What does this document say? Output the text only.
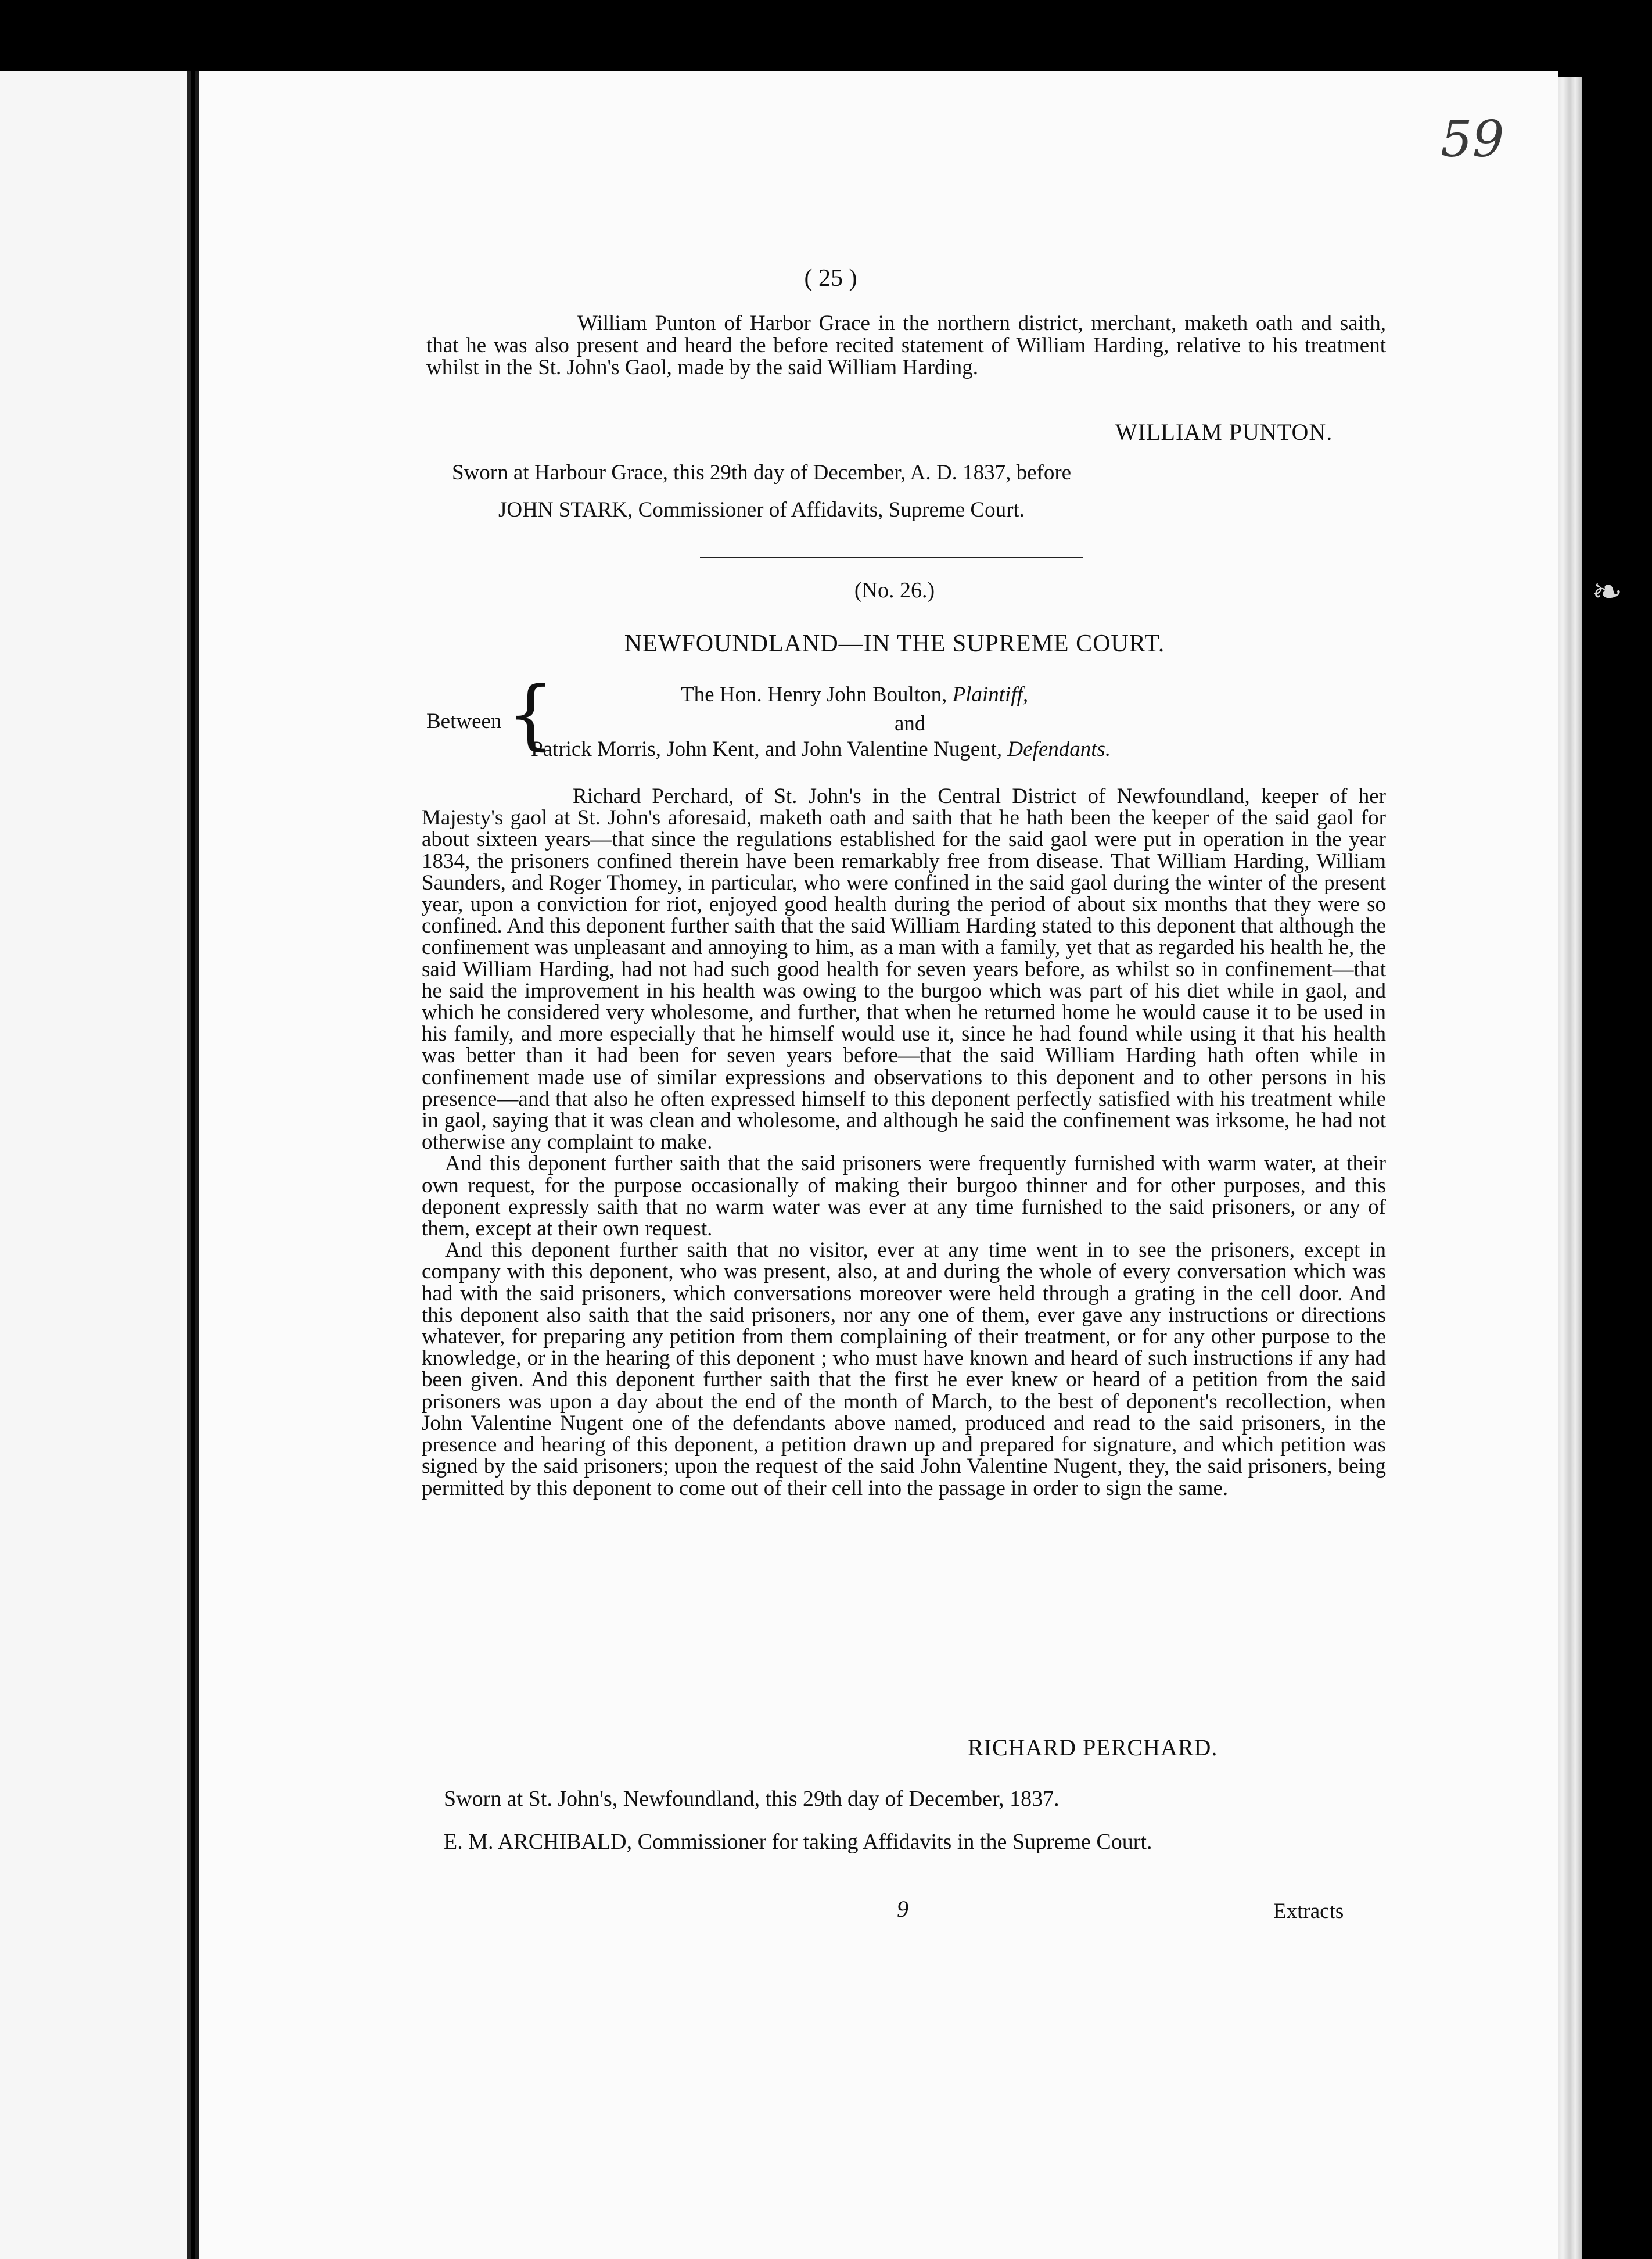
❧
59
( 25 )

William Punton of Harbor Grace in the northern district, merchant, maketh oath and saith, that he was also present and heard the before recited statement of William Harding, relative to his treatment whilst in the St. John's Gaol, made by the said William Harding.

WILLIAM PUNTON.
Sworn at Harbour Grace, this 29th day of December, A. D. 1837, before
JOHN STARK, Commissioner of Affidavits, Supreme Court.
(No. 26.)
NEWFOUNDLAND—IN THE SUPREME COURT.
Between {	The Hon. Henry John Boulton, Plaintiff,
and
Patrick Morris, John Kent, and John Valentine Nugent, Defendants.

Richard Perchard, of St. John's in the Central District of Newfoundland, keeper of her Majesty's gaol at St. John's aforesaid, maketh oath and saith that he hath been the keeper of the said gaol for about sixteen years—that since the regulations established for the said gaol were put in operation in the year 1834, the prisoners confined therein have been remarkably free from disease. That William Harding, William Saunders, and Roger Thomey, in particular, who were confined in the said gaol during the winter of the present year, upon a conviction for riot, enjoyed good health during the period of about six months that they were so confined. And this deponent further saith that the said William Harding stated to this deponent that although the confinement was unpleasant and annoying to him, as a man with a family, yet that as regarded his health he, the said William Harding, had not had such good health for seven years before, as whilst so in confinement—that he said the improvement in his health was owing to the burgoo which was part of his diet while in gaol, and which he considered very wholesome, and further, that when he returned home he would cause it to be used in his family, and more especially that he himself would use it, since he had found while using it that his health was better than it had been for seven years before—that the said William Harding hath often while in confinement made use of similar expressions and observations to this deponent and to other persons in his presence—and that also he often expressed himself to this deponent perfectly satisfied with his treatment while in gaol, saying that it was clean and wholesome, and although he said the confinement was irksome, he had not otherwise any complaint to make.

And this deponent further saith that the said prisoners were frequently furnished with warm water, at their own request, for the purpose occasionally of making their burgoo thinner and for other purposes, and this deponent expressly saith that no warm water was ever at any time furnished to the said prisoners, or any of them, except at their own request.

And this deponent further saith that no visitor, ever at any time went in to see the prisoners, except in company with this deponent, who was present, also, at and during the whole of every conversation which was had with the said prisoners, which conversations moreover were held through a grating in the cell door. And this deponent also saith that the said prisoners, nor any one of them, ever gave any instructions or directions whatever, for preparing any petition from them complaining of their treatment, or for any other purpose to the knowledge, or in the hearing of this deponent ; who must have known and heard of such instructions if any had been given. And this deponent further saith that the first he ever knew or heard of a petition from the said prisoners was upon a day about the end of the month of March, to the best of deponent's recollection, when John Valentine Nugent one of the defendants above named, produced and read to the said prisoners, in the presence and hearing of this deponent, a petition drawn up and prepared for signature, and which petition was signed by the said prisoners; upon the request of the said John Valentine Nugent, they, the said prisoners, being permitted by this deponent to come out of their cell into the passage in order to sign the same.

RICHARD PERCHARD.
Sworn at St. John's, Newfoundland, this 29th day of December, 1837.
E. M. ARCHIBALD, Commissioner for taking Affidavits in the Supreme Court.
9	Extracts
